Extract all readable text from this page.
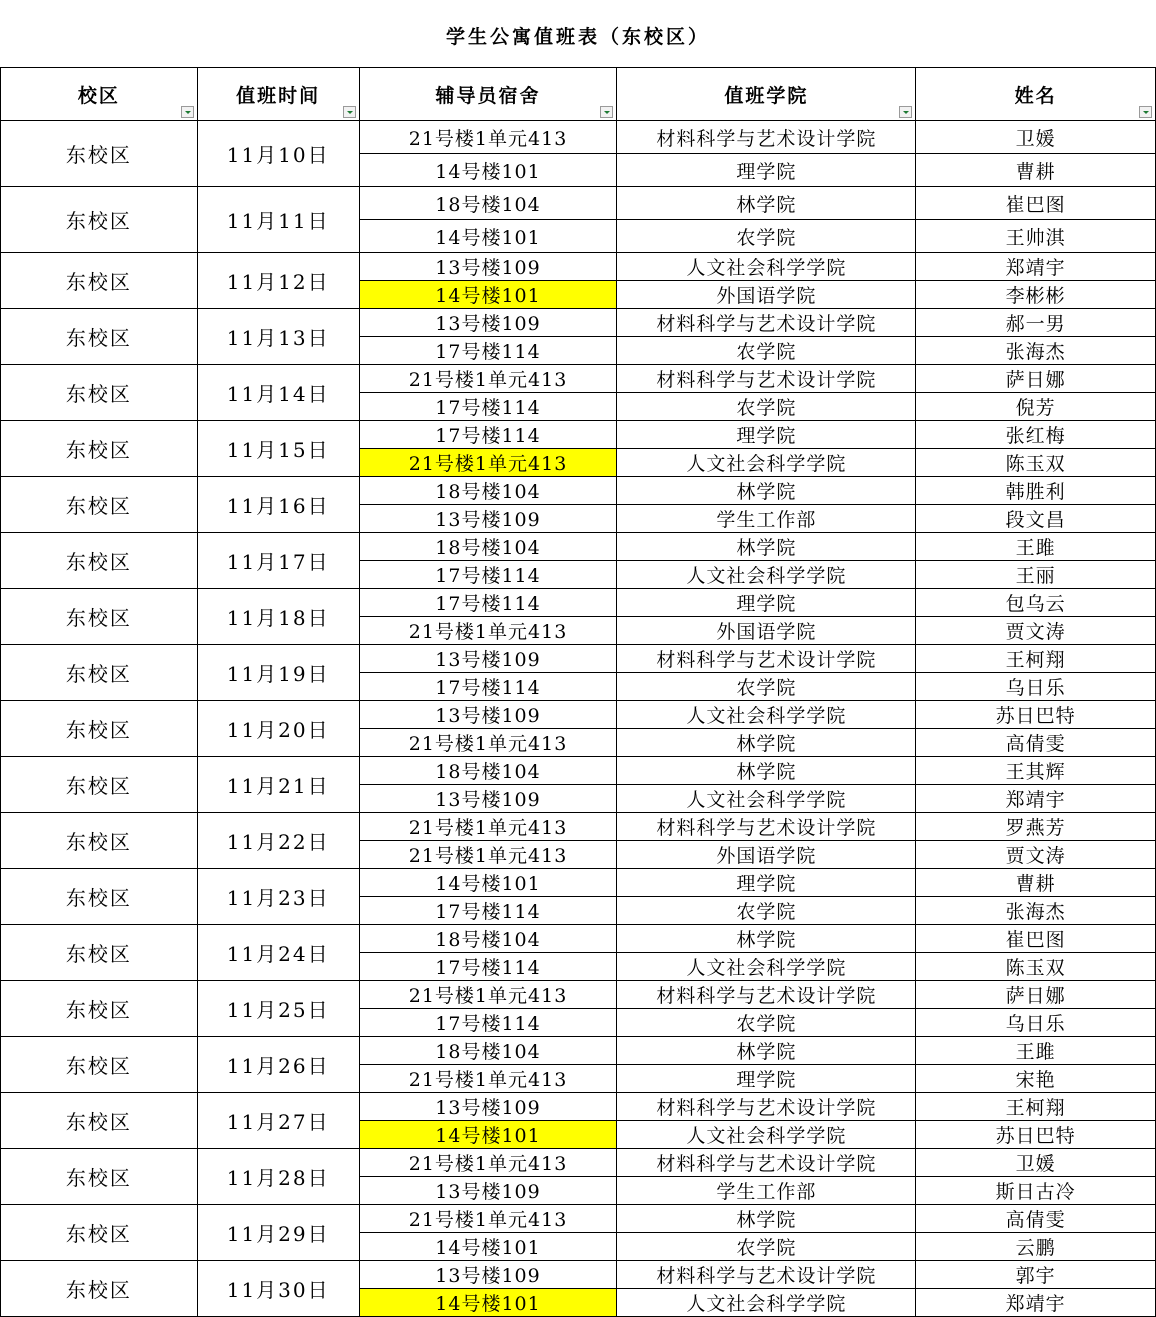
学生公寓值班表（东校区）
校区	值班时间	辅导员宿舍	值班学院	姓名

东校区	11月10日	21号楼1单元413	材料科学与艺术设计学院	卫媛
		14号楼101	理学院	曹耕
东校区	11月11日	18号楼104	林学院	崔巴图
		14号楼101	农学院	王帅淇
东校区	11月12日	13号楼109	人文社会科学学院	郑靖宇
		14号楼101	外国语学院	李彬彬
东校区	11月13日	13号楼109	材料科学与艺术设计学院	郝一男
		17号楼114	农学院	张海杰
东校区	11月14日	21号楼1单元413	材料科学与艺术设计学院	萨日娜
		17号楼114	农学院	倪芳
东校区	11月15日	17号楼114	理学院	张红梅
		21号楼1单元413	人文社会科学学院	陈玉双
东校区	11月16日	18号楼104	林学院	韩胜利
		13号楼109	学生工作部	段文昌
东校区	11月17日	18号楼104	林学院	王雎
		17号楼114	人文社会科学学院	王丽
东校区	11月18日	17号楼114	理学院	包乌云
		21号楼1单元413	外国语学院	贾文涛
东校区	11月19日	13号楼109	材料科学与艺术设计学院	王柯翔
		17号楼114	农学院	乌日乐
东校区	11月20日	13号楼109	人文社会科学学院	苏日巴特
		21号楼1单元413	林学院	高倩雯
东校区	11月21日	18号楼104	林学院	王其辉
		13号楼109	人文社会科学学院	郑靖宇
东校区	11月22日	21号楼1单元413	材料科学与艺术设计学院	罗燕芳
		21号楼1单元413	外国语学院	贾文涛
东校区	11月23日	14号楼101	理学院	曹耕
		17号楼114	农学院	张海杰
东校区	11月24日	18号楼104	林学院	崔巴图
		17号楼114	人文社会科学学院	陈玉双
东校区	11月25日	21号楼1单元413	材料科学与艺术设计学院	萨日娜
		17号楼114	农学院	乌日乐
东校区	11月26日	18号楼104	林学院	王雎
		21号楼1单元413	理学院	宋艳
东校区	11月27日	13号楼109	材料科学与艺术设计学院	王柯翔
		14号楼101	人文社会科学学院	苏日巴特
东校区	11月28日	21号楼1单元413	材料科学与艺术设计学院	卫媛
		13号楼109	学生工作部	斯日古冷
东校区	11月29日	21号楼1单元413	林学院	高倩雯
		14号楼101	农学院	云鹏
东校区	11月30日	13号楼109	材料科学与艺术设计学院	郭宇
		14号楼101	人文社会科学学院	郑靖宇
